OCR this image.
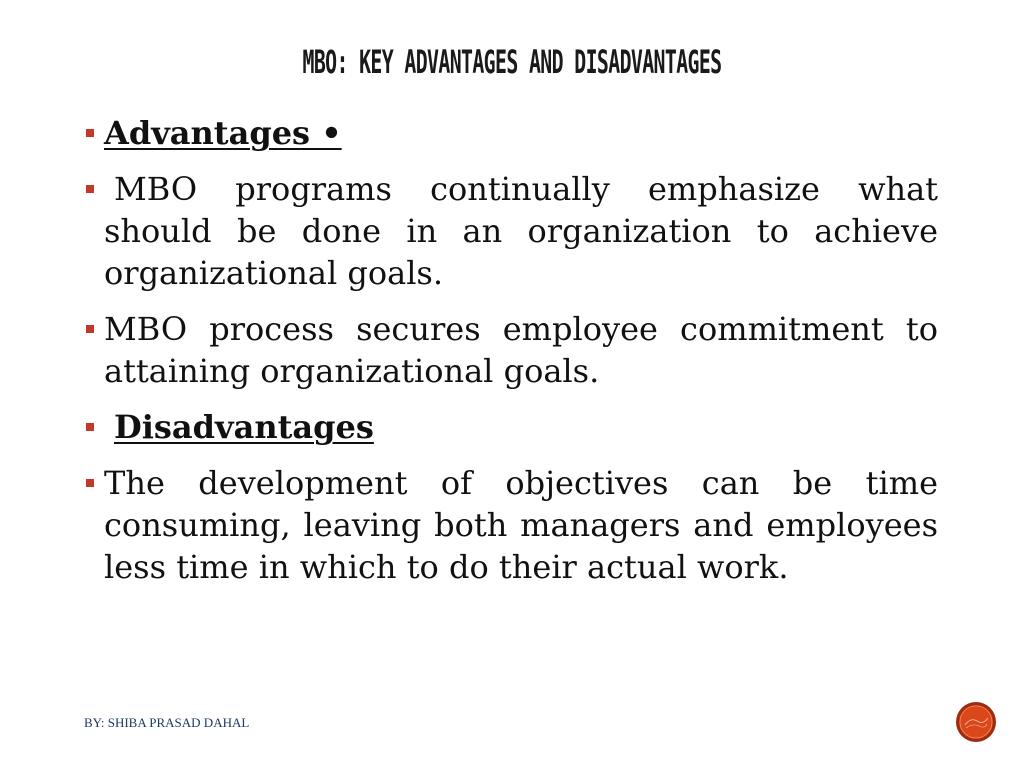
MBO: KEY ADVANTAGES AND DISADVANTAGES
Advantages •
MBO programs continually emphasize what should be done in an organization to achieve organizational goals.
MBO process secures employee commitment to attaining organizational goals.
Disadvantages
The development of objectives can be time consuming, leaving both managers and employees less time in which to do their actual work.
BY: SHIBA PRASAD DAHAL
